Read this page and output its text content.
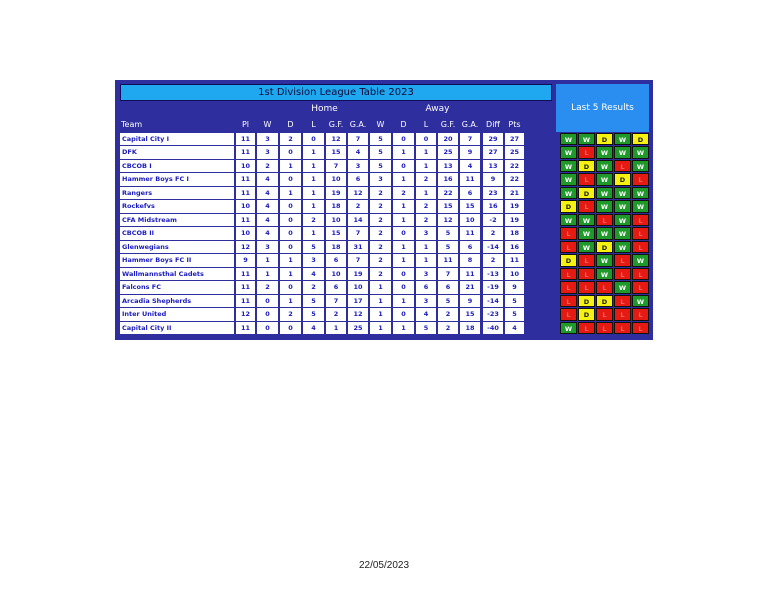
1st Division League Table 2023
Home	Away
Team	Pl	W	D	L	G.F. G.A.	W	D	L	G.F. G.A. Diff	Pts
Capital City I	11	3	2	0	12	7	5	0	0	20	7	29	27
DFK	11	3	0	1	15	4	5	1	1	25	9	27	25
CBCOB I	10	2	1	1	7	3	5	0	1	13	4	13	22
Hammer Boys FC I	11	4	0	1	10	6	3	1	2	16	11	9	22
Rangers	11	4	1	1	19	12	2	2	1	22	6	23	21
Rockefvs	10	4	0	1	18	2	2	1	2	15	15	16	19
CFA Midstream	11	4	0	2	10	14	2	1	2	12	10	-2	19
CBCOB II	10	4	0	1	15	7	2	0	3	5	11	2	18
Glenwegians	12	3	0	5	18	31	2	1	1	5	6	-14	16
Hammer Boys FC II	9	1	1	3	6	7	2	1	1	11	8	2	11
Wallmannsthal Cadets	11	1	1	4	10	19	2	0	3	7	11	-13	10
Falcons FC	11	2	0	2	6	10	1	0	6	6	21	-19	9
Arcadia Shepherds	11	0	1	5	7	17	1	1	3	5	9	-14	5
Inter United	12	0	2	5	2	12	1	0	4	2	15	-23	5
Capital City II	11	0	0	4	1	25	1	1	5	2	18	-40	4
Last 5 Results
W	W	D	W	D
W	L	W	W	W
W	D	W	L	W
W	L	W	D	L
W	D	W	W	W
D	L	W	W	W
W	W	L	W	L
L	W	W	W	L
L	W	D	W	L
D	L	W	L	W
L	L	W	L	L
L	L	L	W	L
L	D	D	L	W
L	D	L	L	L
W	L	L	L	L
22/05/2023
